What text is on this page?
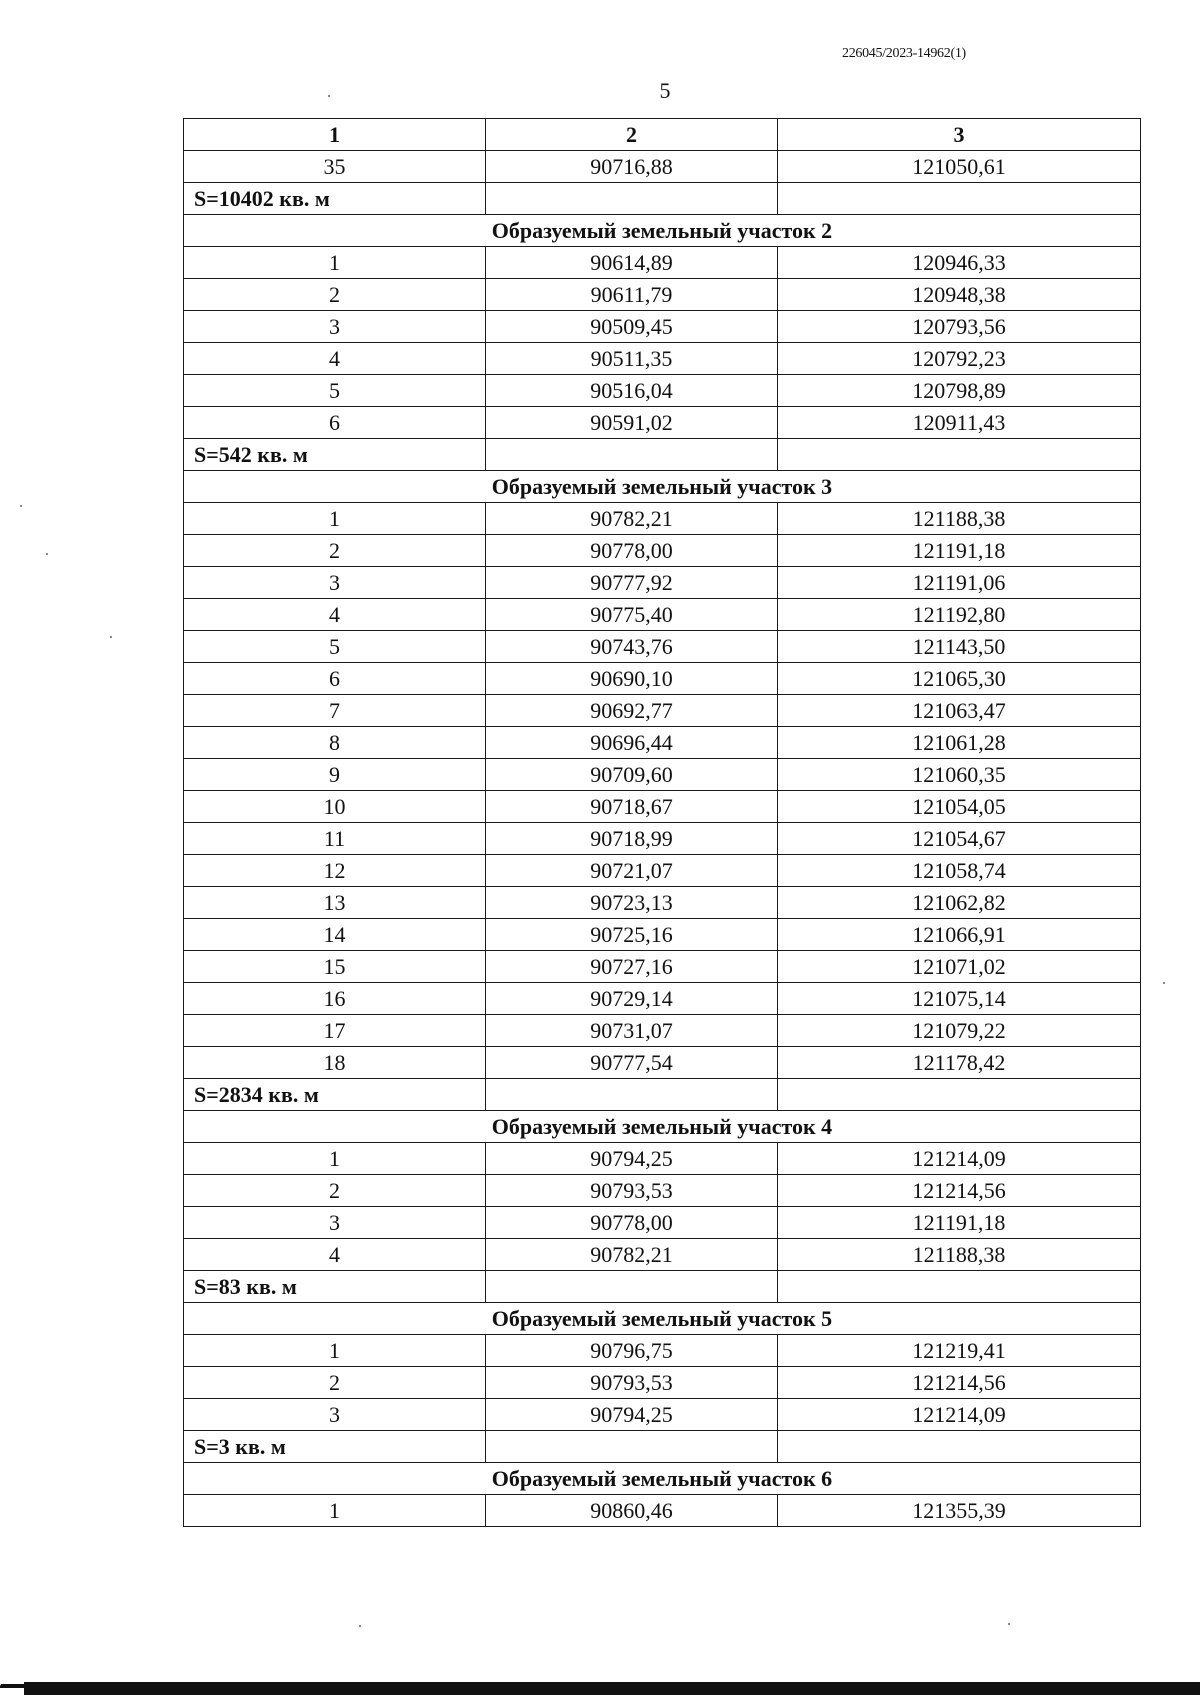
226045/2023-14962(1)
5
1	2	3
35	90716,88	121050,61
S=10402 кв. м		
Образуемый земельный участок 2		
1	90614,89	120946,33
2	90611,79	120948,38
3	90509,45	120793,56
4	90511,35	120792,23
5	90516,04	120798,89
6	90591,02	120911,43
S=542 кв. м		
Образуемый земельный участок 3		
1	90782,21	121188,38
2	90778,00	121191,18
3	90777,92	121191,06
4	90775,40	121192,80
5	90743,76	121143,50
6	90690,10	121065,30
7	90692,77	121063,47
8	90696,44	121061,28
9	90709,60	121060,35
10	90718,67	121054,05
11	90718,99	121054,67
12	90721,07	121058,74
13	90723,13	121062,82
14	90725,16	121066,91
15	90727,16	121071,02
16	90729,14	121075,14
17	90731,07	121079,22
18	90777,54	121178,42
S=2834 кв. м		
Образуемый земельный участок 4		
1	90794,25	121214,09
2	90793,53	121214,56
3	90778,00	121191,18
4	90782,21	121188,38
S=83 кв. м		
Образуемый земельный участок 5		
1	90796,75	121219,41
2	90793,53	121214,56
3	90794,25	121214,09
S=3 кв. м		
Образуемый земельный участок 6		
1	90860,46	121355,39
